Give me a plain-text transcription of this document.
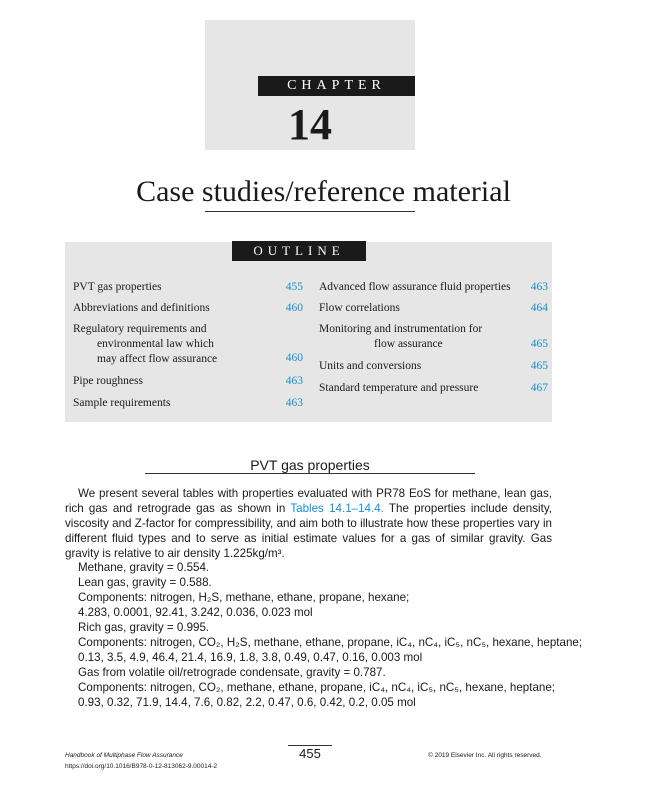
CHAPTER
14
Case studies/reference material
OUTLINE
PVT gas properties	455
Abbreviations and definitions	460
Regulatory requirements and
environmental law which
may affect flow assurance	460
Pipe roughness	463
Sample requirements	463
Advanced flow assurance fluid properties	463
Flow correlations	464
Monitoring and instrumentation for
flow assurance	465
Units and conversions	465
Standard temperature and pressure	467
PVT gas properties
We present several tables with properties evaluated with PR78 EoS for methane, lean gas, rich gas and retrograde gas as shown in Tables 14.1–14.4. The properties include density, viscosity and Z-factor for compressibility, and aim both to illustrate how these properties vary in different fluid types and to serve as initial estimate values for a gas of similar gravity. Gas gravity is relative to air density 1.225kg/m³.
Methane, gravity = 0.554.
Lean gas, gravity = 0.588.
Components: nitrogen, H₂S, methane, ethane, propane, hexane;
4.283, 0.0001, 92.41, 3.242, 0.036, 0.023 mol
Rich gas, gravity = 0.995.
Components: nitrogen, CO₂, H₂S, methane, ethane, propane, iC₄, nC₄, iC₅, nC₅, hexane, heptane;
0.13, 3.5, 4.9, 46.4, 21.4, 16.9, 1.8, 3.8, 0.49, 0.47, 0.16, 0.003 mol
Gas from volatile oil/retrograde condensate, gravity = 0.787.
Components: nitrogen, CO₂, methane, ethane, propane, iC₄, nC₄, iC₅, nC₅, hexane, heptane;
0.93, 0.32, 71.9, 14.4, 7.6, 0.82, 2.2, 0.47, 0.6, 0.42, 0.2, 0.05 mol
455
Handbook of Multiphase Flow Assurance
https://doi.org/10.1016/B978-0-12-813062-9.00014-2
© 2019 Elsevier Inc. All rights reserved.
